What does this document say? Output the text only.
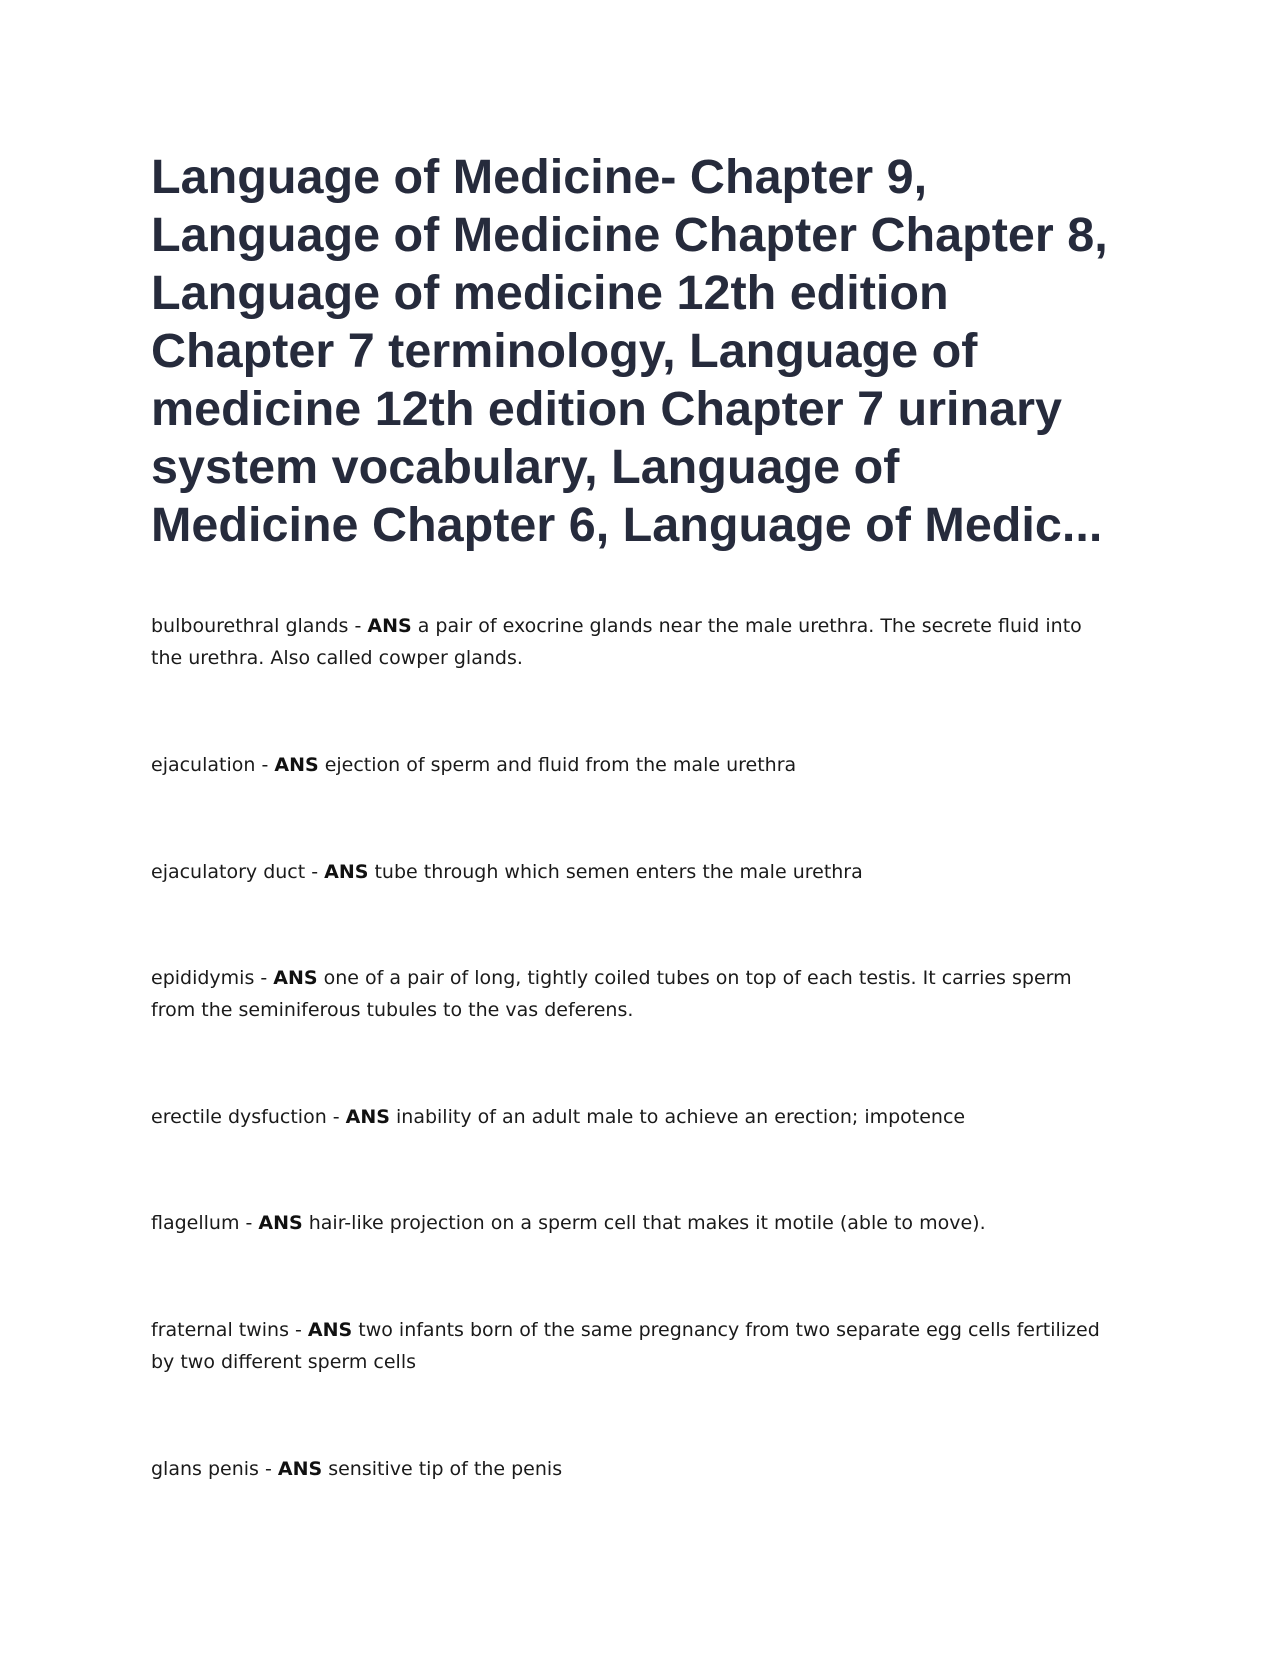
Language of Medicine- Chapter 9, Language of Medicine Chapter Chapter 8, Language of medicine 12th edition Chapter 7 terminology, Language of medicine 12th edition Chapter 7 urinary system vocabulary, Language of Medicine Chapter 6, Language of Medic...

bulbourethral glands - ANS a pair of exocrine glands near the male urethra. The secrete fluid into the urethra. Also called cowper glands.

ejaculation - ANS ejection of sperm and fluid from the male urethra

ejaculatory duct - ANS tube through which semen enters the male urethra

epididymis - ANS one of a pair of long, tightly coiled tubes on top of each testis. It carries sperm from the seminiferous tubules to the vas deferens.

erectile dysfuction - ANS inability of an adult male to achieve an erection; impotence

flagellum - ANS hair-like projection on a sperm cell that makes it motile (able to move).

fraternal twins - ANS two infants born of the same pregnancy from two separate egg cells fertilized by two different sperm cells

glans penis - ANS sensitive tip of the penis
